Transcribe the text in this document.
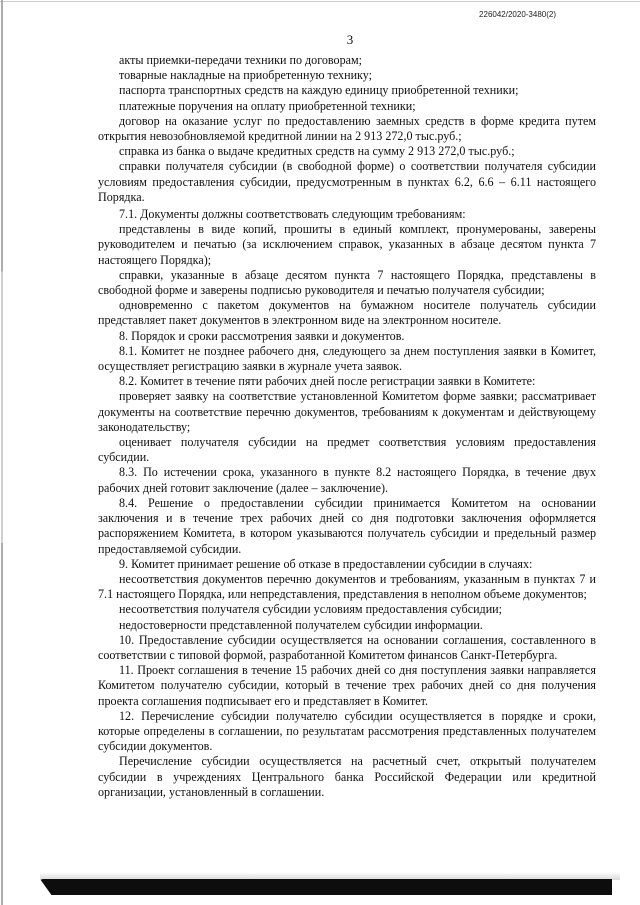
226042/2020-3480(2)
3

акты приемки-передачи техники по договорам;

товарные накладные на приобретенную технику;

паспорта транспортных средств на каждую единицу приобретенной техники;

платежные поручения на оплату приобретенной техники;

договор на оказание услуг по предоставлению заемных средств в форме кредита путем открытия невозобновляемой кредитной линии на 2 913 272,0 тыс.руб.;

справка из банка о выдаче кредитных средств на сумму 2 913 272,0 тыс.руб.;

справки получателя субсидии (в свободной форме) о соответствии получателя субсидии условиям предоставления субсидии, предусмотренным в пунктах 6.2, 6.6 – 6.11 настоящего Порядка.

7.1. Документы должны соответствовать следующим требованиям:

представлены в виде копий, прошиты в единый комплект, пронумерованы, заверены руководителем и печатью (за исключением справок, указанных в абзаце десятом пункта 7 настоящего Порядка);

справки, указанные в абзаце десятом пункта 7 настоящего Порядка, представлены в свободной форме и заверены подписью руководителя и печатью получателя субсидии;

одновременно с пакетом документов на бумажном носителе получатель субсидии представляет пакет документов в электронном виде на электронном носителе.

8. Порядок и сроки рассмотрения заявки и документов.

8.1. Комитет не позднее рабочего дня, следующего за днем поступления заявки в Комитет, осуществляет регистрацию заявки в журнале учета заявок.

8.2. Комитет в течение пяти рабочих дней после регистрации заявки в Комитете:

проверяет заявку на соответствие установленной Комитетом форме заявки; рассматривает документы на соответствие перечню документов, требованиям к документам и действующему законодательству;

оценивает получателя субсидии на предмет соответствия условиям предоставления субсидии.

8.3. По истечении срока, указанного в пункте 8.2 настоящего Порядка, в течение двух рабочих дней готовит заключение (далее – заключение).

8.4. Решение о предоставлении субсидии принимается Комитетом на основании заключения и в течение трех рабочих дней со дня подготовки заключения оформляется распоряжением Комитета, в котором указываются получатель субсидии и предельный размер предоставляемой субсидии.

9. Комитет принимает решение об отказе в предоставлении субсидии в случаях:

несоответствия документов перечню документов и требованиям, указанным в пунктах 7 и 7.1 настоящего Порядка, или непредставления, представления в неполном объеме документов;

несоответствия получателя субсидии условиям предоставления субсидии;

недостоверности представленной получателем субсидии информации.

10. Предоставление субсидии осуществляется на основании соглашения, составленного в соответствии с типовой формой, разработанной Комитетом финансов Санкт-Петербурга.

11. Проект соглашения в течение 15 рабочих дней со дня поступления заявки направляется Комитетом получателю субсидии, который в течение трех рабочих дней со дня получения проекта соглашения подписывает его и представляет в Комитет.

12. Перечисление субсидии получателю субсидии осуществляется в порядке и сроки, которые определены в соглашении, по результатам рассмотрения представленных получателем субсидии документов.

Перечисление субсидии осуществляется на расчетный счет, открытый получателем субсидии в учреждениях Центрального банка Российской Федерации или кредитной организации, установленный в соглашении.
